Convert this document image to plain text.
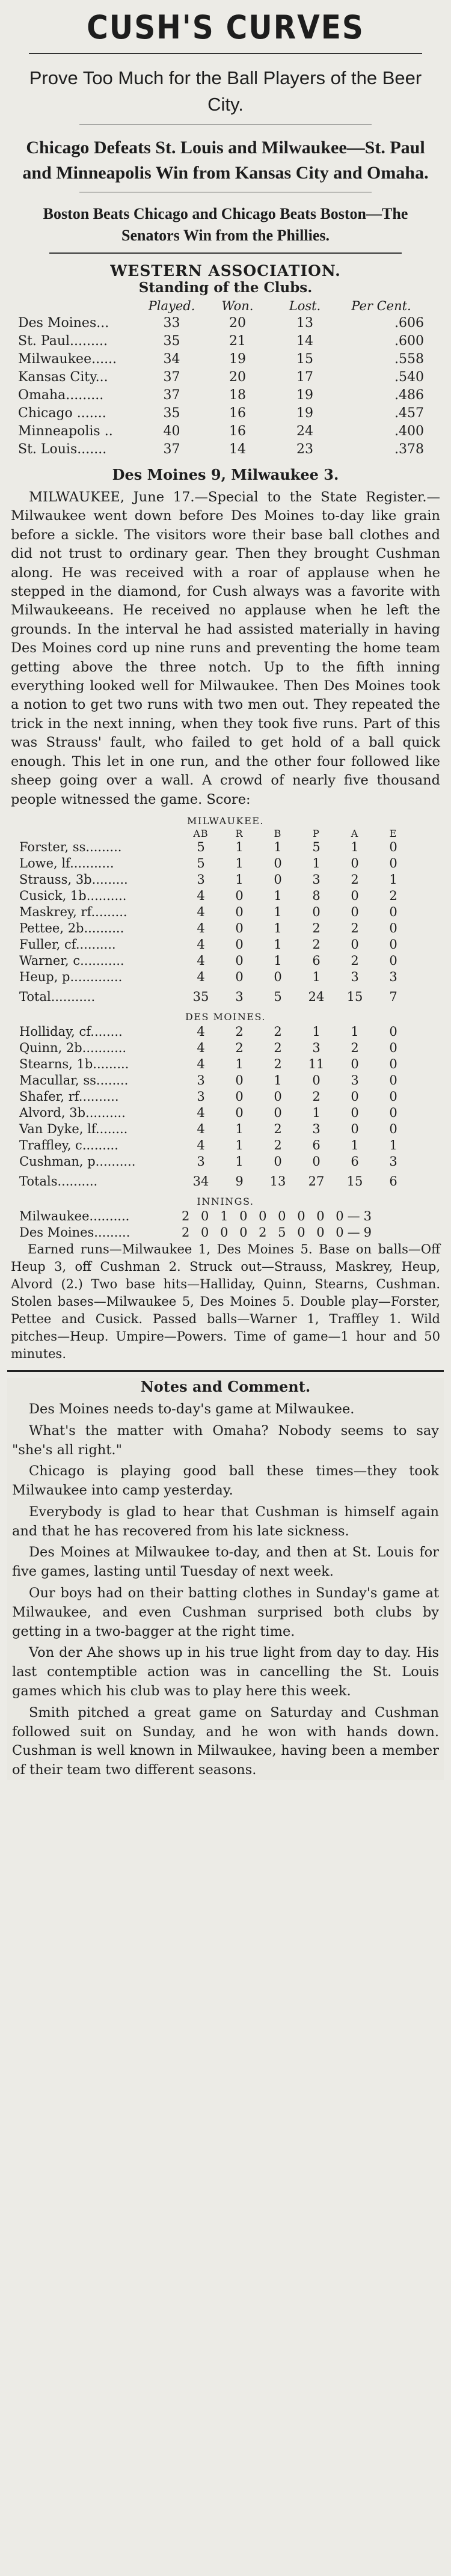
CUSH'S CURVES
Prove Too Much for the Ball Players of the Beer City.
Chicago Defeats St. Louis and Milwaukee—St. Paul and Minneapolis Win from Kansas City and Omaha.
Boston Beats Chicago and Chicago Beats Boston—The Senators Win from the Phillies.
WESTERN ASSOCIATION.
Standing of the Clubs.
	Played.	Won.	Lost.	Per Cent.
Des Moines...	33	20	13	.606
St. Paul.........	35	21	14	.600
Milwaukee......	34	19	15	.558
Kansas City...	37	20	17	.540
Omaha.........	37	18	19	.486
Chicago .......	35	16	19	.457
Minneapolis ..	40	16	24	.400
St. Louis.......	37	14	23	.378
Des Moines 9, Milwaukee 3.

MILWAUKEE, June 17.—Special to the State Register.—Milwaukee went down before Des Moines to-day like grain before a sickle. The visitors wore their base ball clothes and did not trust to ordinary gear. Then they brought Cushman along. He was received with a roar of applause when he stepped in the diamond, for Cush always was a favorite with Milwaukeeans. He received no applause when he left the grounds. In the interval he had assisted materially in having Des Moines cord up nine runs and preventing the home team getting above the three notch. Up to the fifth inning everything looked well for Milwaukee. Then Des Moines took a notion to get two runs with two men out. They repeated the trick in the next inning, when they took five runs. Part of this was Strauss' fault, who failed to get hold of a ball quick enough. This let in one run, and the other four followed like sheep going over a wall. A crowd of nearly five thousand people witnessed the game. Score:

MILWAUKEE.
	AB	R	B	P	A	E
Forster, ss.........	5	1	1	5	1	0
Lowe, lf...........	5	1	0	1	0	0
Strauss, 3b.........	3	1	0	3	2	1
Cusick, 1b..........	4	0	1	8	0	2
Maskrey, rf.........	4	0	1	0	0	0
Pettee, 2b..........	4	0	1	2	2	0
Fuller, cf..........	4	0	1	2	0	0
Warner, c...........	4	0	1	6	2	0
Heup, p.............	4	0	0	1	3	3
Total...........	35	3	5	24	15	7
DES MOINES.

Holliday, cf........	4	2	2	1	1	0
Quinn, 2b...........	4	2	2	3	2	0
Stearns, 1b.........	4	1	2	11	0	0
Macullar, ss........	3	0	1	0	3	0
Shafer, rf..........	3	0	0	2	0	0
Alvord, 3b..........	4	0	0	1	0	0
Van Dyke, lf........	4	1	2	3	0	0
Traffley, c.........	4	1	2	6	1	1
Cushman, p..........	3	1	0	0	6	3
Totals..........	34	9	13	27	15	6
INNINGS.
Milwaukee..........	2 0 1 0 0 0 0 0 0—3
Des Moines.........	2 0 0 0 2 5 0 0 0—9
Earned runs—Milwaukee 1, Des Moines 5. Base on balls—Off Heup 3, off Cushman 2. Struck out—Strauss, Maskrey, Heup, Alvord (2.) Two base hits—Halliday, Quinn, Stearns, Cushman. Stolen bases—Milwaukee 5, Des Moines 5. Double play—Forster, Pettee and Cusick. Passed balls—Warner 1, Traffley 1. Wild pitches—Heup. Umpire—Powers. Time of game—1 hour and 50 minutes.
Notes and Comment.
Des Moines needs to-day's game at Milwaukee.
What's the matter with Omaha? Nobody seems to say "she's all right."
Chicago is playing good ball these times—they took Milwaukee into camp yesterday.
Everybody is glad to hear that Cushman is himself again and that he has recovered from his late sickness.
Des Moines at Milwaukee to-day, and then at St. Louis for five games, lasting until Tuesday of next week.
Our boys had on their batting clothes in Sunday's game at Milwaukee, and even Cushman surprised both clubs by getting in a two-bagger at the right time.
Von der Ahe shows up in his true light from day to day. His last contemptible action was in cancelling the St. Louis games which his club was to play here this week.
Smith pitched a great game on Saturday and Cushman followed suit on Sunday, and he won with hands down. Cushman is well known in Milwaukee, having been a member of their team two different seasons.
